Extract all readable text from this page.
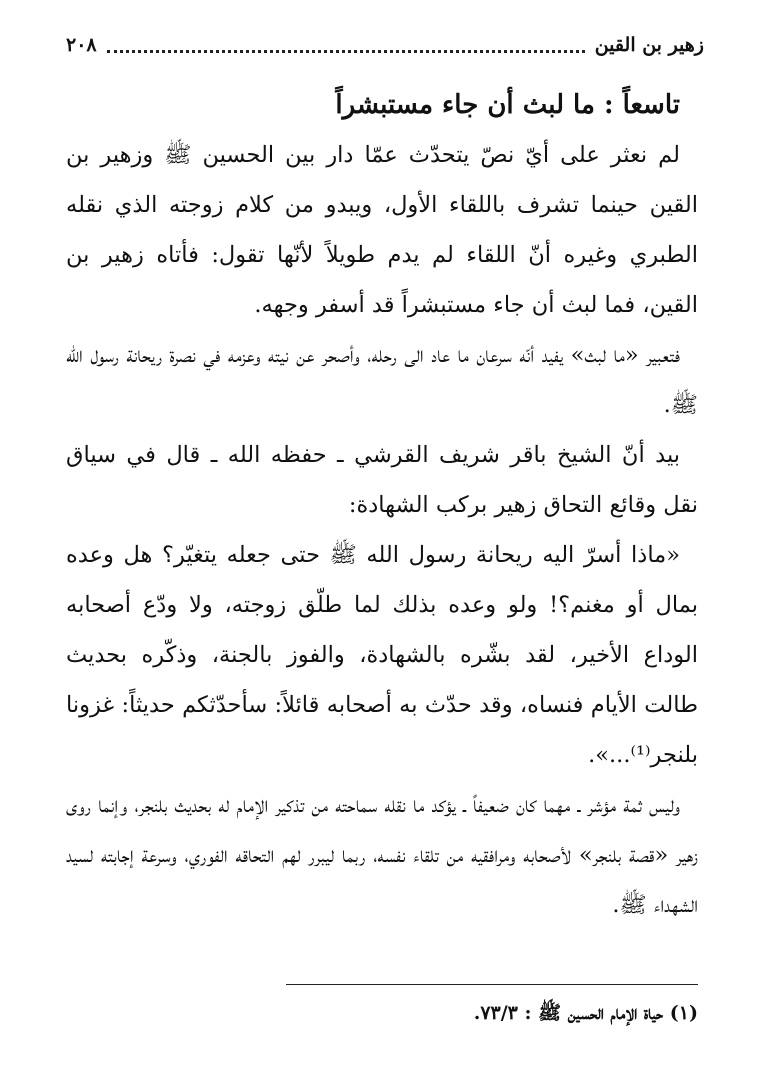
زهير بن القين
٢٠٨
تاسعاً : ما لبث أن جاء مستبشراً

لم نعثر على أيّ نصّ يتحدّث عمّا دار بين الحسين ﷺ وزهير بن القين حينما تشرف باللقاء الأول، ويبدو من كلام زوجته الذي نقله الطبري وغيره أنّ اللقاء لم يدم طويلاً لأنّها تقول: فأتاه زهير بن القين، فما لبث أن جاء مستبشراً قد أسفر وجهه.

فتعبير «ما لبث» يفيد أنّه سرعان ما عاد الى رحله، وأصحر عن نيته وعزمه في نصرة ريحانة رسول الله ﷺ.

بيد أنّ الشيخ باقر شريف القرشي ـ حفظه الله ـ قال في سياق نقل وقائع التحاق زهير بركب الشهادة:

«ماذا أسرّ اليه ريحانة رسول الله ﷺ حتى جعله يتغيّر؟ هل وعده بمال أو مغنم؟! ولو وعده بذلك لما طلّق زوجته، ولا ودّع أصحابه الوداع الأخير، لقد بشّره بالشهادة، والفوز بالجنة، وذكّره بحديث طالت الأيام فنساه، وقد حدّث به أصحابه قائلاً: سأحدّثكم حديثاً: غزونا بلنجر⁽¹⁾...».

وليس ثمة مؤشر ـ مهما كان ضعيفاً ـ يؤكد ما نقله سماحته من تذكير الإمام له بحديث بلنجر، وإنما روى زهير «قصة بلنجر» لأصحابه ومرافقيه من تلقاء نفسه، ربما ليبرر لهم التحاقه الفوري، وسرعة إجابته لسيد الشهداء ﷺ.

(١) حياة الإمام الحسين ﷺ : ٧٣/٣.
